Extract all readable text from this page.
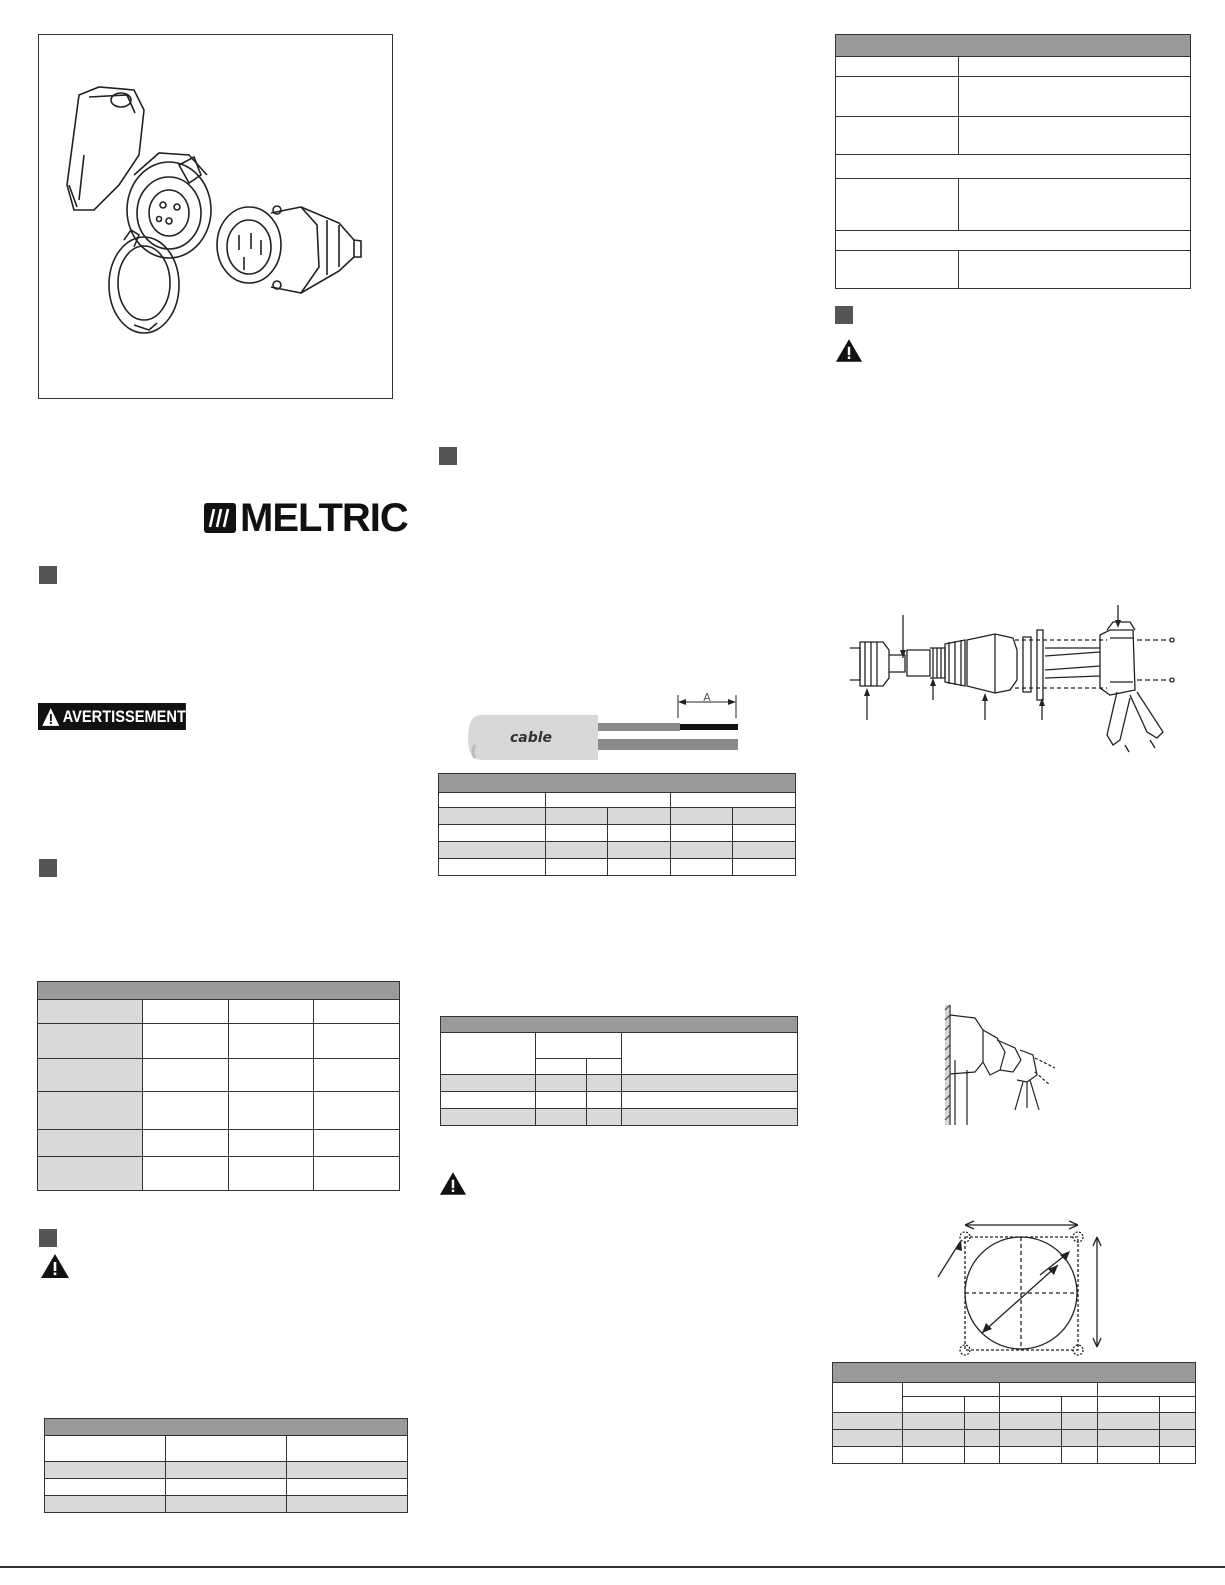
MELTRIC
AVERTISSEMENT

A
cable
